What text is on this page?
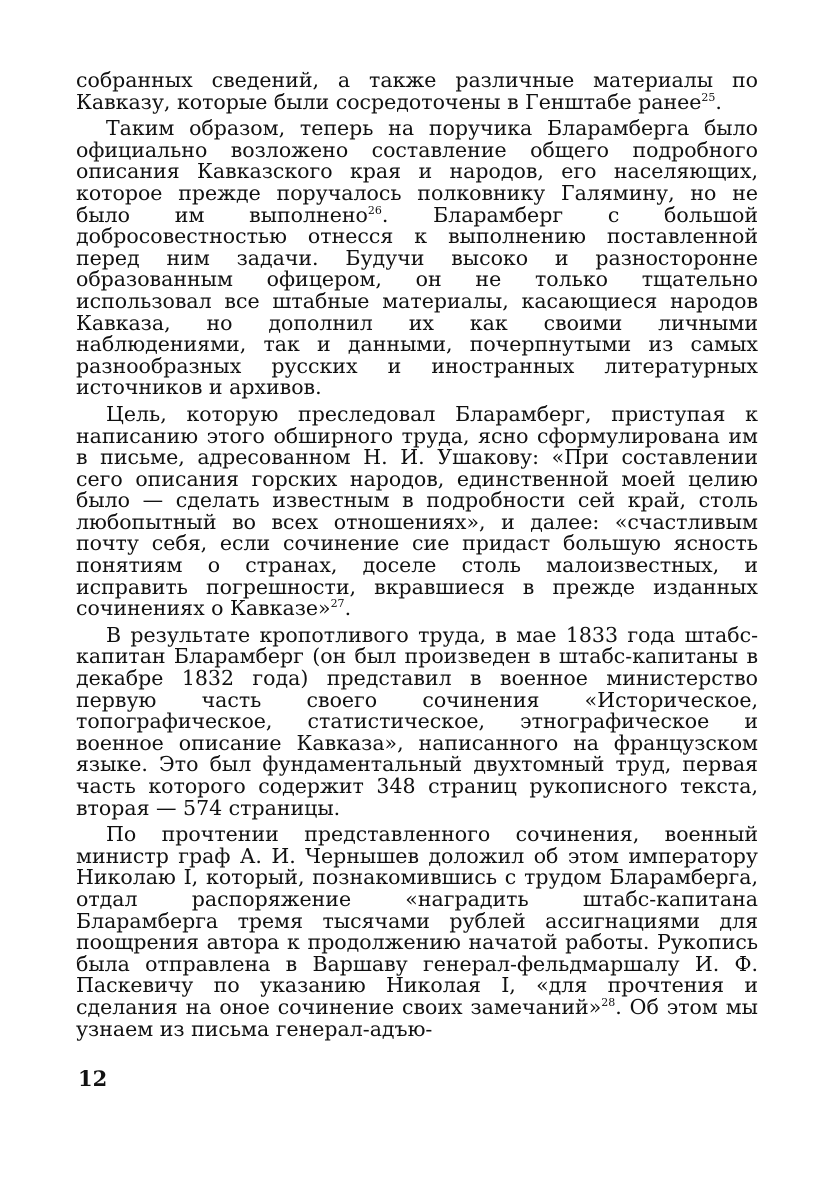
собранных сведений, а также различные материалы по Кавказу, которые были сосредоточены в Генштабе ранее$^{25}$.

Таким образом, теперь на поручика Бларамберга было официально возложено составление общего подробного описания Кавказского края и народов, его населяющих, которое прежде поручалось полковнику Галямину, но не было им выполнено$^{26}$. Бларамберг с большой добросовестностью отнесся к выполнению поставленной перед ним задачи. Будучи высоко и разносторонне образованным офицером, он не только тщательно использовал все штабные материалы, касающиеся народов Кавказа, но дополнил их как своими личными наблюдениями, так и данными, почерпнутыми из самых разнообразных русских и иностранных литературных источников и архивов.

Цель, которую преследовал Бларамберг, приступая к написанию этого обширного труда, ясно сформулирована им в письме, адресованном Н. И. Ушакову: «При составлении сего описания горских народов, единственной моей целию было — сделать известным в подробности сей край, столь любопытный во всех отношениях», и далее: «счастливым почту себя, если сочинение сие придаст большую ясность понятиям о странах, доселе столь малоизвестных, и исправить погрешности, вкравшиеся в прежде изданных сочинениях о Кавказе»$^{27}$.

В результате кропотливого труда, в мае 1833 года штабс-капитан Бларамберг (он был произведен в штабс-капитаны в декабре 1832 года) представил в военное министерство первую часть своего сочинения «Историческое, топографическое, статистическое, этнографическое и военное описание Кавказа», написанного на французском языке. Это был фундаментальный двухтомный труд, первая часть которого содержит 348 страниц рукописного текста, вторая — 574 страницы.

По прочтении представленного сочинения, военный министр граф А. И. Чернышев доложил об этом императору Николаю I, который, познакомившись с трудом Бларамберга, отдал распоряжение «наградить штабс-капитана Бларамберга тремя тысячами рублей ассигнациями для поощрения автора к продолжению начатой работы. Рукопись была отправлена в Варшаву генерал-фельдмаршалу И. Ф. Паскевичу по указанию Николая I, «для прочтения и сделания на оное сочинение своих замечаний»$^{28}$. Об этом мы узнаем из письма генерал-адъю-

12
